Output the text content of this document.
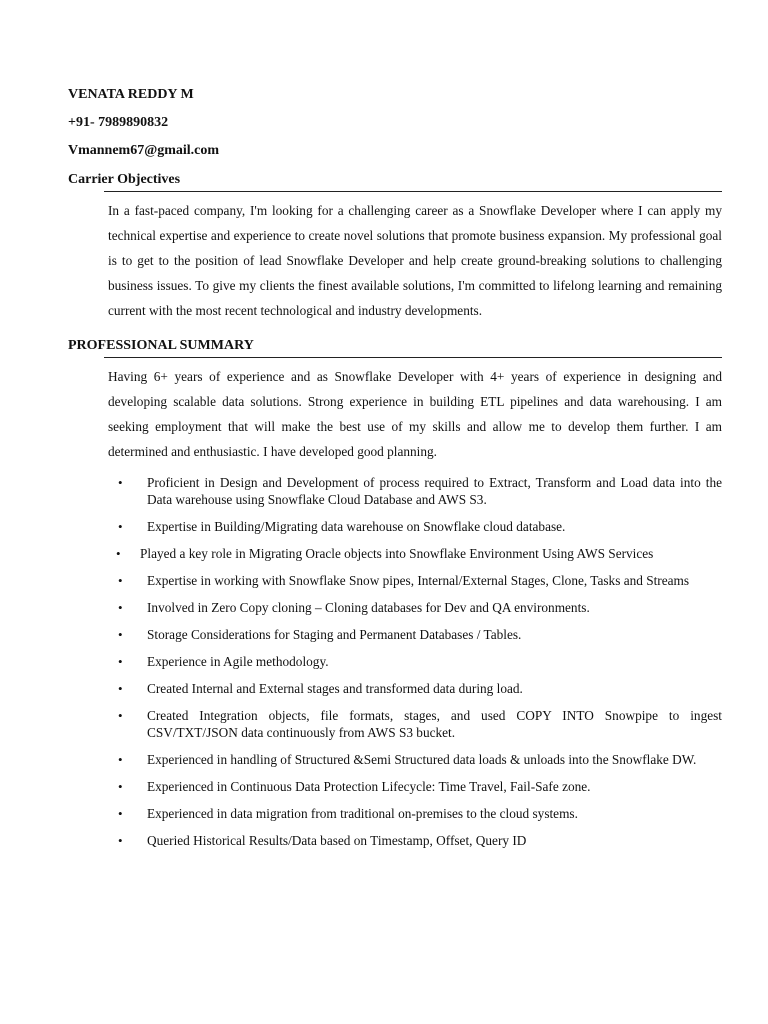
VENATA REDDY M

+91- 7989890832

Vmannem67@gmail.com

Carrier Objectives

In a fast-paced company, I'm looking for a challenging career as a Snowflake Developer where I can apply my technical expertise and experience to create novel solutions that promote business expansion. My professional goal is to get to the position of lead Snowflake Developer and help create ground-breaking solutions to challenging business issues. To give my clients the finest available solutions, I'm committed to lifelong learning and remaining current with the most recent technological and industry developments.

PROFESSIONAL SUMMARY

Having 6+ years of experience and as Snowflake Developer with 4+ years of experience in designing and developing scalable data solutions. Strong experience in building ETL pipelines and data warehousing. I am seeking employment that will make the best use of my skills and allow me to develop them further. I am determined and enthusiastic. I have developed good planning.

• Proficient in Design and Development of process required to Extract, Transform and Load data into the Data warehouse using Snowflake Cloud Database and AWS S3.
• Expertise in Building/Migrating data warehouse on Snowflake cloud database.
• Played a key role in Migrating Oracle objects into Snowflake Environment Using AWS Services
• Expertise in working with Snowflake Snow pipes, Internal/External Stages, Clone, Tasks and Streams
• Involved in Zero Copy cloning – Cloning databases for Dev and QA environments.
• Storage Considerations for Staging and Permanent Databases / Tables.
• Experience in Agile methodology.
• Created Internal and External stages and transformed data during load.
• Created Integration objects, file formats, stages, and used COPY INTO Snowpipe to ingest CSV/TXT/JSON data continuously from AWS S3 bucket.
• Experienced in handling of Structured &Semi Structured data loads & unloads into the Snowflake DW.
• Experienced in Continuous Data Protection Lifecycle: Time Travel, Fail-Safe zone.
• Experienced in data migration from traditional on-premises to the cloud systems.
• Queried Historical Results/Data based on Timestamp, Offset, Query ID
